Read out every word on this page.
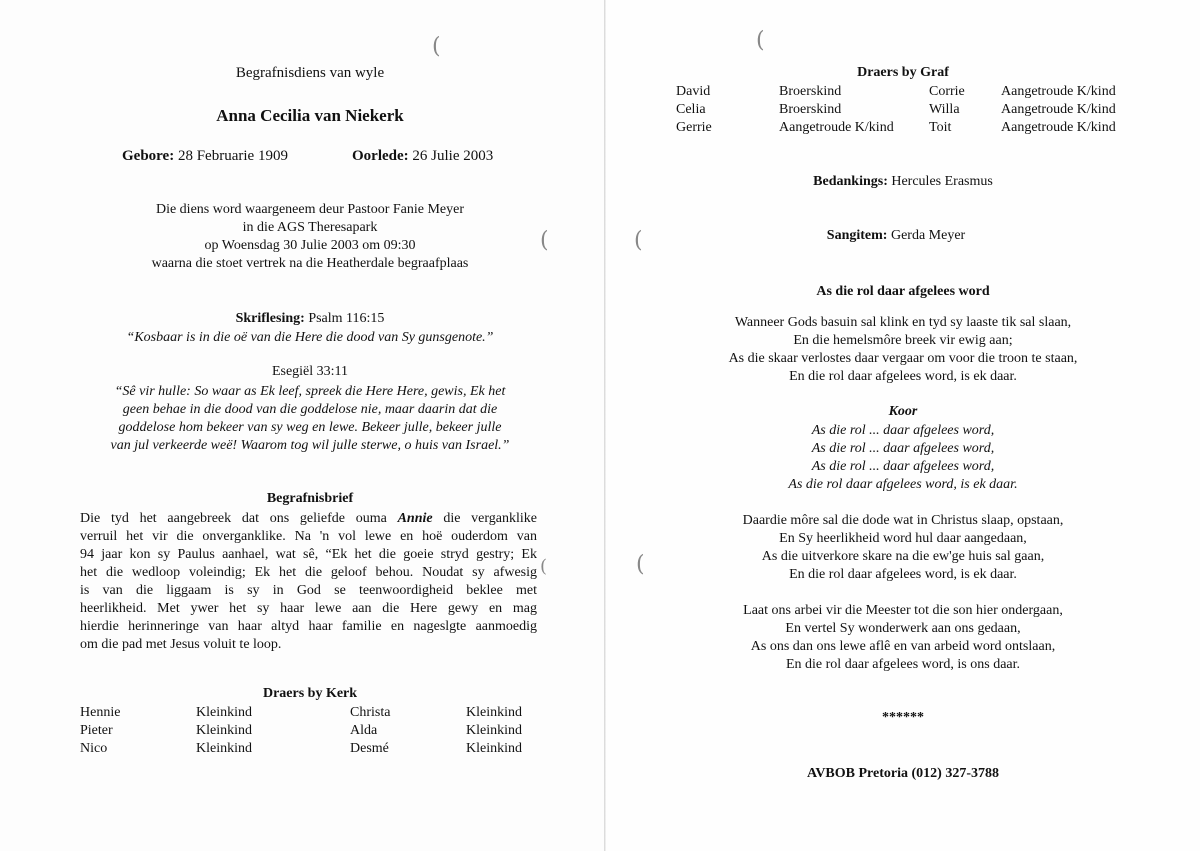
(
(
(
Begrafnisdiens van wyle
Anna Cecilia van Niekerk
Gebore: 28 Februarie 1909	Oorlede: 26 Julie 2003
Die diens word waargeneem deur Pastoor Fanie Meyer
in die AGS Theresapark
op Woensdag 30 Julie 2003 om 09:30
waarna die stoet vertrek na die Heatherdale begraafplaas
Skriflesing: Psalm 116:15
“Kosbaar is in die oë van die Here die dood van Sy gunsgenote.”
Esegiël 33:11
“Sê vir hulle: So waar as Ek leef, spreek die Here Here, gewis, Ek het
geen behae in die dood van die goddelose nie, maar daarin dat die
goddelose hom bekeer van sy weg en lewe. Bekeer julle, bekeer julle
van jul verkeerde weë! Waarom tog wil julle sterwe, o huis van Israel.”
Begrafnisbrief
Die tyd het aangebreek dat ons geliefde ouma Annie die verganklike
verruil het vir die onverganklike. Na 'n vol lewe en hoë ouderdom van
94 jaar kon sy Paulus aanhael, wat sê, “Ek het die goeie stryd gestry; Ek
het die wedloop voleindig; Ek het die geloof behou. Noudat sy afwesig
is van die liggaam is sy in God se teenwoordigheid beklee met
heerlikheid. Met ywer het sy haar lewe aan die Here gewy en mag
hierdie herinneringe van haar altyd haar familie en nageslgte aanmoedig
om die pad met Jesus voluit te loop.
Draers by Kerk
Hennie	Kleinkind	Christa	Kleinkind
Pieter	Kleinkind	Alda	Kleinkind
Nico	Kleinkind	Desmé	Kleinkind
(
(
(
Draers by Graf
David	Broerskind	Corrie	Aangetroude K/kind
Celia	Broerskind	Willa	Aangetroude K/kind
Gerrie	Aangetroude K/kind	Toit	Aangetroude K/kind
Bedankings: Hercules Erasmus
Sangitem: Gerda Meyer
As die rol daar afgelees word
Wanneer Gods basuin sal klink en tyd sy laaste tik sal slaan,
En die hemelsmôre breek vir ewig aan;
As die skaar verlostes daar vergaar om voor die troon te staan,
En die rol daar afgelees word, is ek daar.
Koor
As die rol ... daar afgelees word,
As die rol ... daar afgelees word,
As die rol ... daar afgelees word,
As die rol daar afgelees word, is ek daar.
Daardie môre sal die dode wat in Christus slaap, opstaan,
En Sy heerlikheid word hul daar aangedaan,
As die uitverkore skare na die ew'ge huis sal gaan,
En die rol daar afgelees word, is ek daar.
Laat ons arbei vir die Meester tot die son hier ondergaan,
En vertel Sy wonderwerk aan ons gedaan,
As ons dan ons lewe aflê en van arbeid word ontslaan,
En die rol daar afgelees word, is ons daar.
******
AVBOB Pretoria (012) 327-3788
